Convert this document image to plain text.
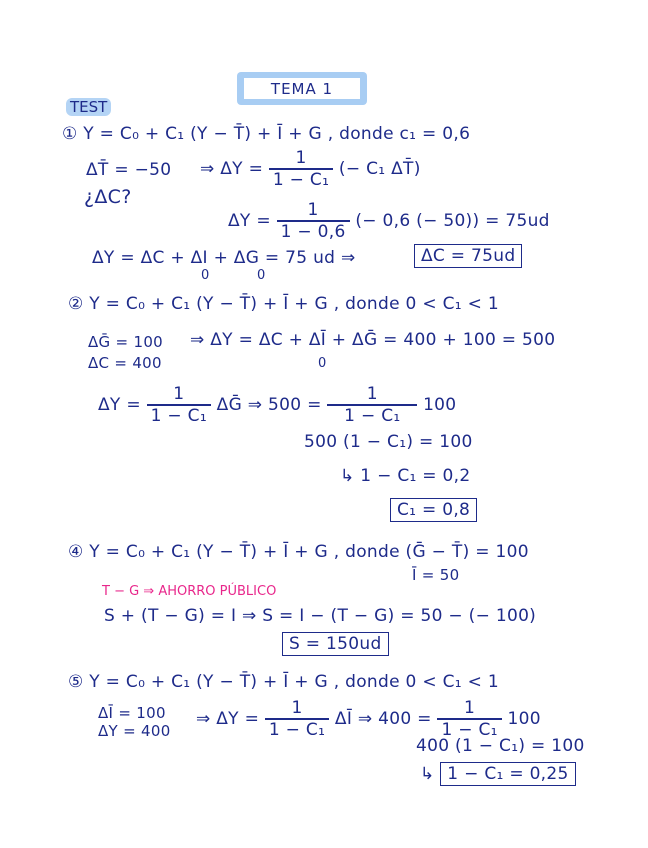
TEMA 1
TEST
① Y = C₀ + C₁ (Y − T̄) + Ī + G , donde c₁ = 0,6
ΔT̄ = −50 ⇒ $\Delta Y = \frac{1}{\text{1 − C₁}}$ (− C₁ ΔT̄)
¿ΔC?
$\Delta Y = \frac{1}{1 - 0,6}$ (− 0,6 (− 50)) = 75ud
ΔY = ΔC + ΔI + ΔG = 75 ud ⇒
0	0
ΔC = 75ud
② Y = C₀ + C₁ (Y − T̄) + Ī + G , donde 0 < C₁ < 1
ΔḠ = 100
ΔC = 400
⇒ ΔY = ΔC + ΔĪ + ΔḠ = 400 + 100 = 500
0
$\Delta Y = \frac{1}{\text{1 − C₁}}$ ΔḠ ⇒ $500 = \frac{1}{\text{1 − C₁}} 100$
500 (1 − C₁) = 100
↳ 1 − C₁ = 0,2
C₁ = 0,8
④ Y = C₀ + C₁ (Y − T̄) + Ī + G , donde (Ḡ − T̄) = 100
Ī = 50
T − G ⇒ AHORRO PÚBLICO
S + (T − G) = I ⇒ S = I − (T − G) = 50 − (− 100)
S = 150ud
⑤ Y = C₀ + C₁ (Y − T̄) + Ī + G , donde 0 < C₁ < 1
ΔĪ = 100
ΔY = 400
⇒ $\Delta Y = \frac{1}{\text{1 − C₁}}$ ΔĪ ⇒ $400 = \frac{1}{\text{1 − C₁}} 100$
400 (1 − C₁) = 100
↳ 1 − C₁ = 0,25
